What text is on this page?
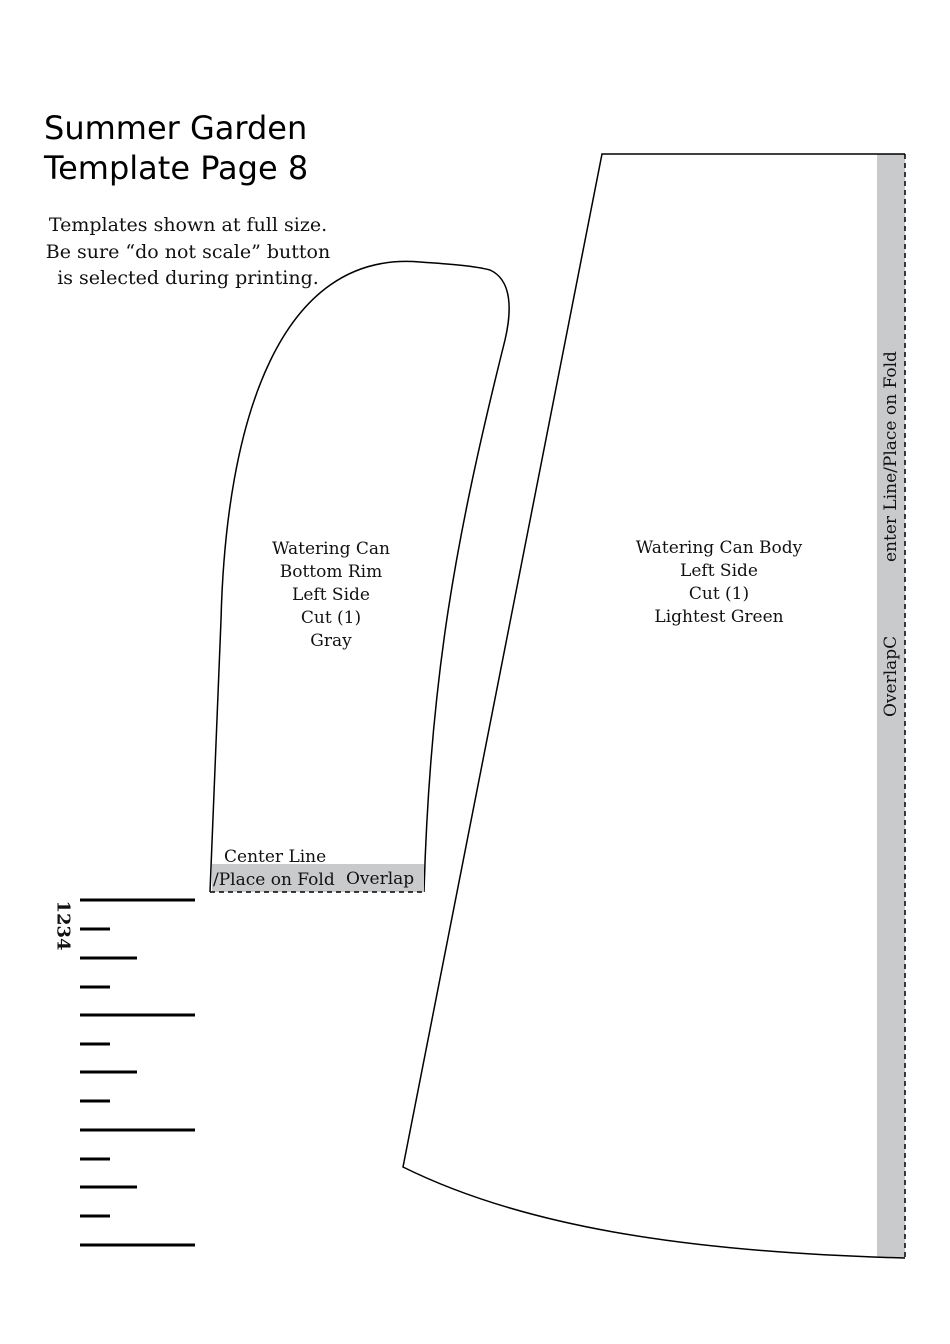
Summer Garden
Template Page 8
Templates shown at full size.
Be sure “do not scale” button
is selected during printing.
Watering Can
Bottom Rim
Left Side
Cut (1)
Gray
Center Line
/Place on Fold Overlap
Watering Can Body
Left Side
Cut (1)
Lightest Green
enter Line/Place on Fold
OverlapC
1234
